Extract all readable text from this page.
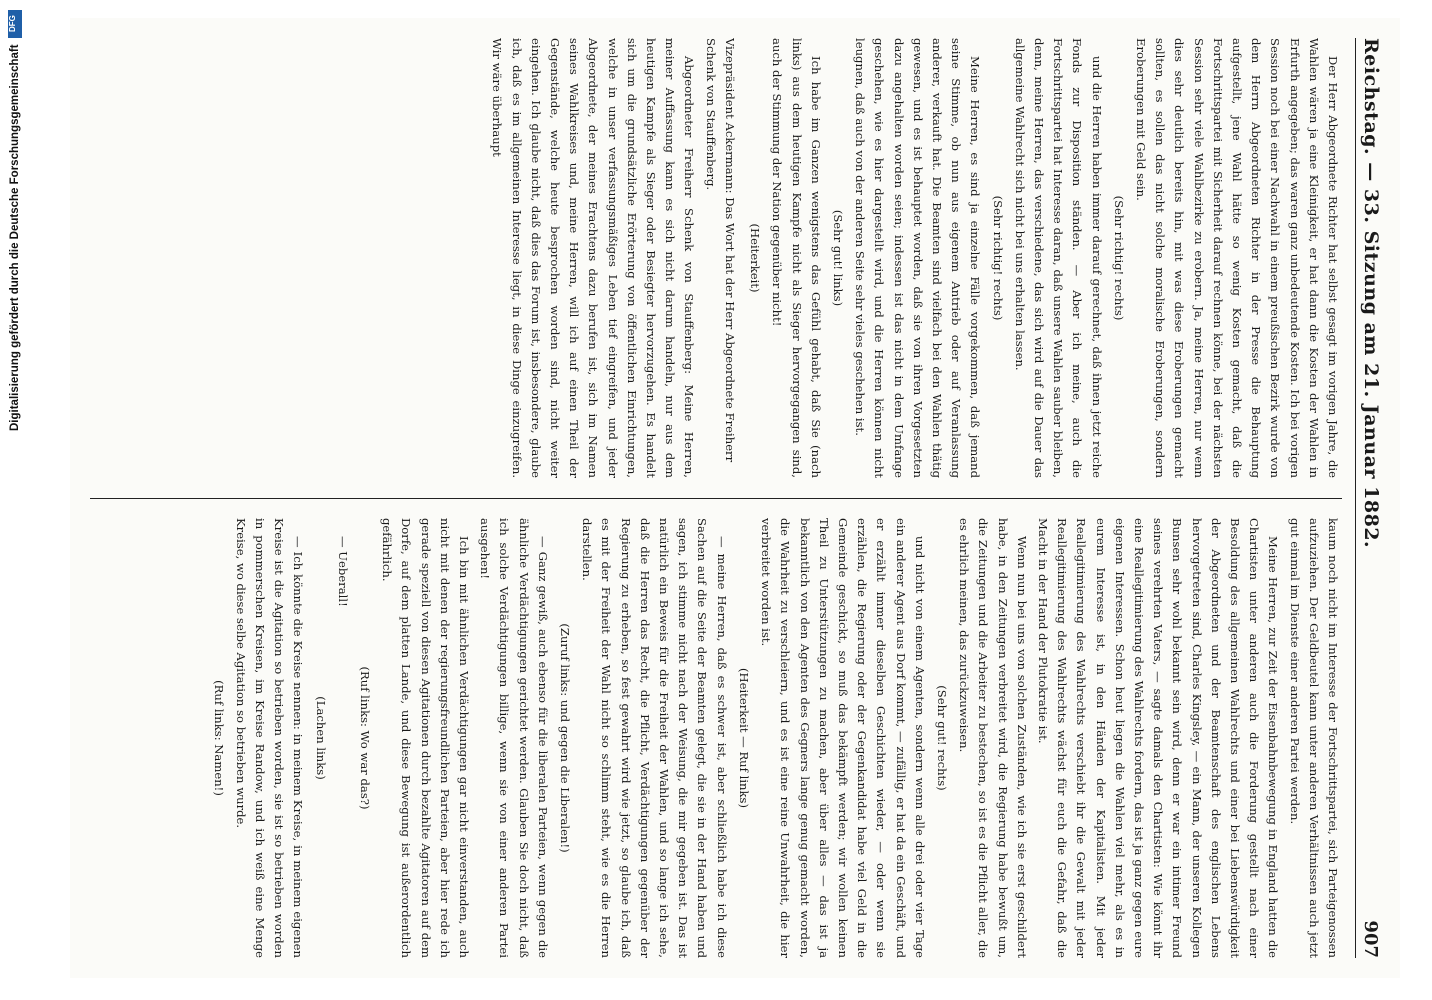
Reichstag. — 33. Sitzung am 21. Januar 1882.
907

Der Herr Abgeordnete Richter hat selbst gesagt im vorigen Jahre, die Wahlen wären ja eine Kleinigkeit, er hat dann die Kosten der Wahlen in Erfurth angegeben; das waren ganz unbedeutende Kosten. Ich bei vorigen Session noch bei einer Nachwahl in einem preußischen Bezirk wurde von dem Herrn Abgeordneten Richter in der Presse die Behauptung aufgestellt, jene Wahl hätte so wenig Kosten gemacht, daß die Fortschrittspartei mit Sicherheit darauf rechnen könne, bei der nächsten Session sehr viele Wahlbezirke zu erobern. Ja, meine Herren, nur wenn dies sehr deutlich bereits hin, mit was diese Eroberungen gemacht sollten, es sollen das nicht solche moralische Eroberungen, sondern Eroberungen mit Geld sein.

(Sehr richtig! rechts)

und die Herren haben immer darauf gerechnet, daß ihnen jetzt reiche Fonds zur Disposition ständen. — Aber ich meine, auch die Fortschrittspartei hat Interesse daran, daß unsere Wahlen sauber bleiben, denn, meine Herren, das verschiedene, das sich wird auf die Dauer das allgemeine Wahlrecht sich nicht bei uns erhalten lassen.

(Sehr richtig! rechts)

Meine Herren, es sind ja einzelne Fälle vorgekommen, daß jemand seine Stimme, ob nun aus eigenem Antrieb oder auf Veranlassung anderer, verkauft hat. Die Beamten sind vielfach bei den Wahlen thätig gewesen, und es ist behauptet worden, daß sie von ihren Vorgesetzten dazu angehalten worden seien; indessen ist das nicht in dem Umfange geschehen, wie es hier dargestellt wird, und die Herren können nicht leugnen, daß auch von der anderen Seite sehr vieles geschehen ist.

(Sehr gut! links)

Ich habe im Ganzen wenigstens das Gefühl gehabt, daß Sie (nach links) aus dem heutigen Kampfe nicht als Sieger hervorgegangen sind, auch der Stimmung der Nation gegenüber nicht!

(Heiterkeit)

Vizepräsident Ackermann: Das Wort hat der Herr Abgeordnete Freiherr Schenk von Stauffenberg.

Abgeordneter Freiherr Schenk von Stauffenberg: Meine Herren, meiner Auffassung kann es sich nicht darum handeln, nur aus dem heutigen Kampfe als Sieger oder Besiegter hervorzugehen. Es handelt sich um die grundsätzliche Erörterung von öffentlichen Einrichtungen, welche in unser verfassungsmäßiges Leben tief eingreifen, und jeder Abgeordnete, der meines Erachtens dazu berufen ist, sich im Namen seines Wahlkreises und, meine Herren, will ich auf einen Theil der Gegenstände, welche heute besprochen worden sind, nicht weiter eingehen. Ich glaube nicht, daß dies das Forum ist, insbesondere, glaube ich, daß es im allgemeinen Interesse liegt, in diese Dinge einzugreifen. Wir wäre überhaupt

kaum noch nicht im Interesse der Fortschrittspartei, sich Parteigenossen aufzuziehen. Der Geldbeutel kann unter anderen Verhältnissen auch jetzt gut einmal im Dienste einer anderen Partei werden.

Meine Herren, zur Zeit der Eisenbahnbewegung in England hatten die Chartisten unter anderen auch die Forderung gestellt nach einer Besoldung des allgemeinen Wahlrechts und einer bei Liebenswürdigkeit der Abgeordneten und der Beamtenschaft des englischen Lebens hervorgetreten sind, Charles Kingsley, — ein Mann, der unseren Kollegen Bunsen sehr wohl bekannt sein wird, denn er war ein intimer Freund seines verehrten Vaters, — sagte damals den Chartisten: Wie könnt ihr eine Reallegitimierung des Wahlrechts fordern, das ist ja ganz gegen eure eigenen Interessen. Schon heut liegen die Wahlen viel mehr, als es in eurem Interesse ist, in den Händen der Kapitalisten. Mit jeder Reallegitimierung des Wahlrechts verschiebt ihr die Gewalt mit jeder Reallegitimierung des Wahlrechts wächst für euch die Gefahr, daß die Macht in der Hand der Plutokratie ist.

Wenn nun bei uns von solchen Zuständen, wie ich sie erst geschildert habe, in den Zeitungen verbreitet wird, die Regierung habe bewußt um, die Zeitungen und die Arbeiter zu bestechen, so ist es die Pflicht aller, die es ehrlich meinen, das zurückzuweisen.

(Sehr gut! rechts)

und nicht von einem Agenten, sondern wenn alle drei oder vier Tage ein anderer Agent aus Dorf kommt, — zufällig, er hat da ein Geschäft, und er erzählt immer dieselben Geschichten wieder, — oder wenn sie erzählen, die Regierung oder der Gegenkandidat habe viel Geld in die Gemeinde geschickt, so muß das bekämpft werden; wir wollen keinen Theil zu Unterstützungen zu machen, aber über alles — das ist ja bekanntlich von den Agenten des Gegners lange genug gemacht worden, die Wahrheit zu verschleiern, und es ist eine reine Unwahrheit, die hier verbreitet worden ist.

(Heiterkeit — Ruf links)

— meine Herren, daß es schwer ist, aber schließlich habe ich diese Sachen auf die Seite der Beamten gelegt, die sie in der Hand haben und sagen, ich stimme nicht nach der Weisung, die mir gegeben ist. Das ist natürlich ein Beweis für die Freiheit der Wahlen, und so lange ich sehe, daß die Herren das Recht, die Pflicht, Verdächtigungen gegenüber der Regierung zu erheben, so fest gewahrt wird wie jetzt, so glaube ich, daß es mit der Freiheit der Wahl nicht so schlimm steht, wie es die Herren darstellen.

(Zuruf links: und gegen die Liberalen!)

— Ganz gewiß, auch ebenso für die liberalen Parteien, wenn gegen die ähnliche Verdächtigungen gerichtet werden. Glauben Sie doch nicht, daß ich solche Verdächtigungen billige, wenn sie von einer anderen Partei ausgehen!

Ich bin mit ähnlichen Verdächtigungen gar nicht einverstanden, auch nicht mit denen der regierungsfreundlichen Parteien, aber hier rede ich gerade speziell von diesen Agitationen durch bezahlte Agitatoren auf dem Dorfe, auf dem platten Lande, und diese Bewegung ist außerordentlich gefährlich.

(Ruf links: Wo war das?)

— Ueberall!

(Lachen links)

— Ich könnte die Kreise nennen: in meinem Kreise, in meinem eigenen Kreise ist die Agitation so betrieben worden, sie ist so betrieben worden in pommerschen Kreisen, im Kreise Randow, und ich weiß eine Menge Kreise, wo diese selbe Agitation so betrieben wurde.

(Ruf links: Namen!)

Digitalisierung gefördert durch die Deutsche Forschungsgemeinschaft
DFG
